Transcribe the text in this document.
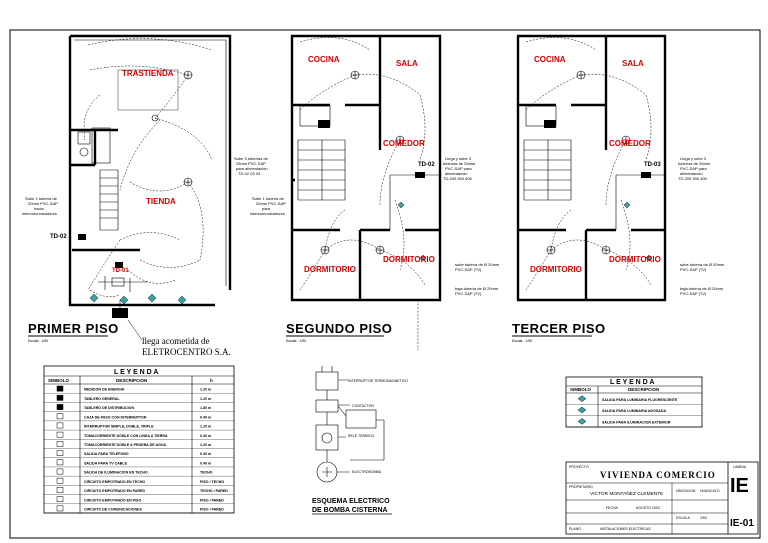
TRASTIENDA
TIENDA
TD-01
TD-02
Sube 1 tubería de
20mm PVC-SAP
hacia
intercomunicadores
Sube 3 tuberías de
25mm PVC-SAP
para alimentación
TD-02 03 03
llega acometida de
ELETROCENTRO S.A.
PRIMER PISO
Escala : 1/50
COCINA	SALA
COMEDOR
DORMITORIO
DORMITORIO
TD-02
Sube 1 tubería de
20mm PVC-SAP
para
intercomunicadores
Llega y sube 3
tuberías de 25mm
PVC-SAP para
alimentación
TD-209 300 400
sube tubería de Ø 20mm
PVC-SAP (TV)
baja tubería de Ø 20mm
PVC-SAP (TV)
SEGUNDO PISO
Escala : 1/50
COCINA	SALA
COMEDOR
DORMITORIO
DORMITORIO
TD-03
Llega y sube 3
tuberías de 25mm
PVC-SAP para
alimentación
TD-209 300 400
sube tubería de Ø 20mm
PVC-SAP (TV)
baja tubería de Ø 20mm
PVC-SAP (TV)
TERCER PISO
Escala : 1/50
L E Y E N D A
SIMBOLO	DESCRIPCION	h
MEDIDOR DE ENERGIA	1.20 m
TABLERO GENERAL	1.20 m
TABLERO DE DISTRIBUCION	1.80 m
CAJA DE PASO CON INTERRUPTOR	0.40 m
INTERRUPTOR SIMPLE, DOBLE, TRIPLE	1.20 m
TOMACORRIENTE DOBLE CON LINEA A TIERRA	0.40 m
TOMACORRIENTE DOBLE A PRUEBA DE AGUA	1.20 m
SALIDA PARA TELEFONO	0.40 m
SALIDA PARA TV CABLE	0.40 m
SALIDA DE ILUMINACION EN TECHO	TECHO
CIRCUITO EMPOTRADO EN TECHO	PISO / TECHO
CIRCUITO EMPOTRADO EN PARED	TECHO / PARED
CIRCUITO EMPOTRADO EN PISO	PISO / PARED
CIRCUITO DE COMUNICACIONES	PISO / PARED
INTERRUPTOR TERMOMAGNETICO
CONTACTOR
RELE TERMICO
ELECTROBOMBA
ESQUEMA ELECTRICO
DE BOMBA CISTERNA
L E Y E N D A
SIMBOLO	DESCRIPCION
SALIDA PARA LUMINARIA FLUORESCENTE
SALIDA PARA LUMINARIA ADOSADA
SALIDA PARA ILUMINACION EXTERIOR
PROYECTO
VIVIENDA COMERCIO
PROPIETARIO
VICTOR MONTAÑEZ CLEMENTE
UBICACION HUANCAYO
FECHA	AGOSTO 2020
ESCALA	1/50
PLANO	INSTALACIONES ELECTRICAS
LAMINA
IE
IE-01
